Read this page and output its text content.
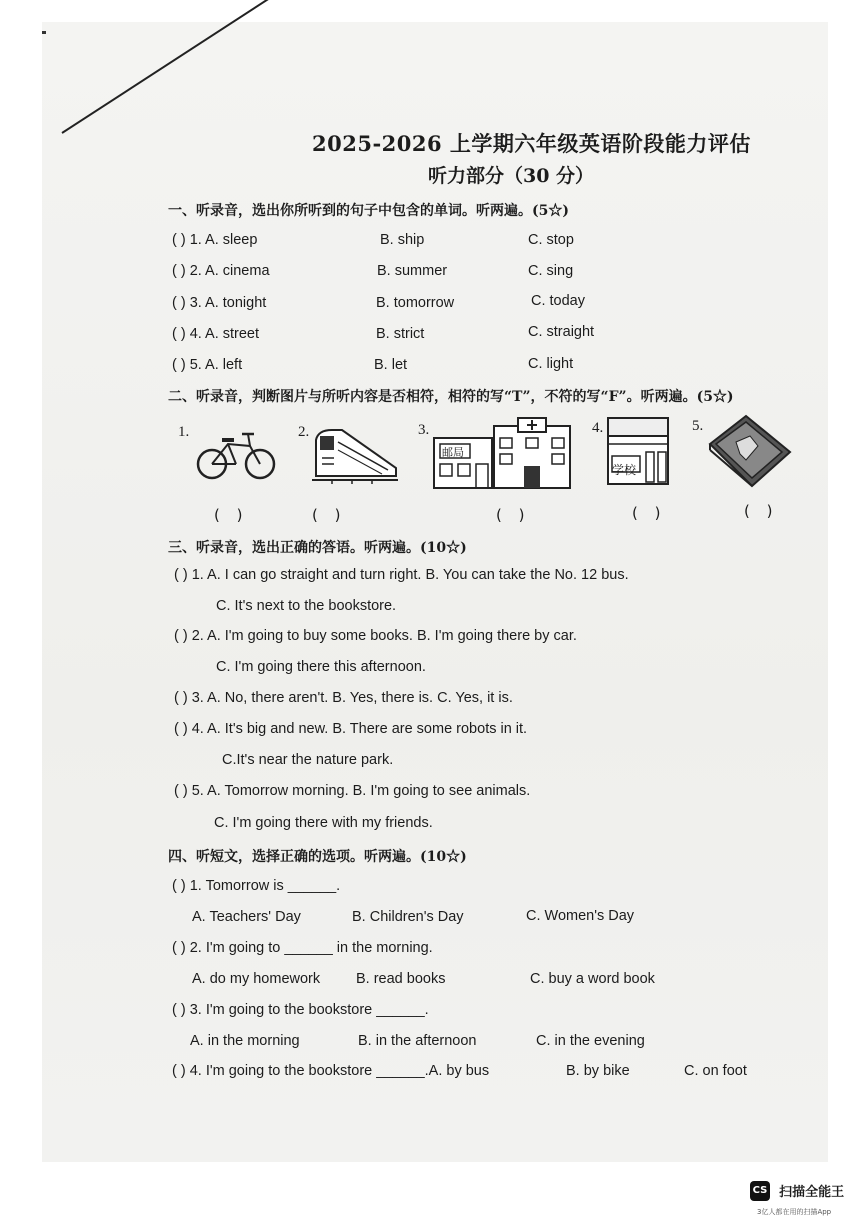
2025-2026 上学期六年级英语阶段能力评估
听力部分（30 分）
一、听录音，选出你所听到的句子中包含的单词。听两遍。(5☆)
( ) 1. A. sleep	B. ship	C. stop
( ) 2. A. cinema	B. summer	C. sing
( ) 3. A. tonight	B. tomorrow	C. today
( ) 4. A. street	B. strict	C. straight
( ) 5. A. left	B. let	C. light
二、听录音，判断图片与所听内容是否相符，相符的写“T”，不符的写“F”。听两遍。(5☆)
1.
( )
2.
( )
3.
邮局
( )
4.
学校
( )
5.
( )
三、听录音，选出正确的答语。听两遍。(10☆)
( ) 1. A. I can go straight and turn right. B. You can take the No. 12 bus.
C. It's next to the bookstore.
( ) 2. A. I'm going to buy some books. B. I'm going there by car.
C. I'm going there this afternoon.
( ) 3. A. No, there aren't. B. Yes, there is. C. Yes, it is.
( ) 4. A. It's big and new. B. There are some robots in it.
C.It's near the nature park.
( ) 5. A. Tomorrow morning. B. I'm going to see animals.
C. I'm going there with my friends.
四、听短文，选择正确的选项。听两遍。(10☆)
( ) 1. Tomorrow is ______.
A. Teachers' Day	B. Children's Day	C. Women's Day
( ) 2. I'm going to ______ in the morning.
A. do my homework B. read books	C. buy a word book
( ) 3. I'm going to the bookstore ______.
A. in the morning	B. in the afternoon	C. in the evening
( ) 4. I'm going to the bookstore ______.A. by bus	B. by bike	C. on foot
CS 扫描全能王
3亿人都在用的扫描App
